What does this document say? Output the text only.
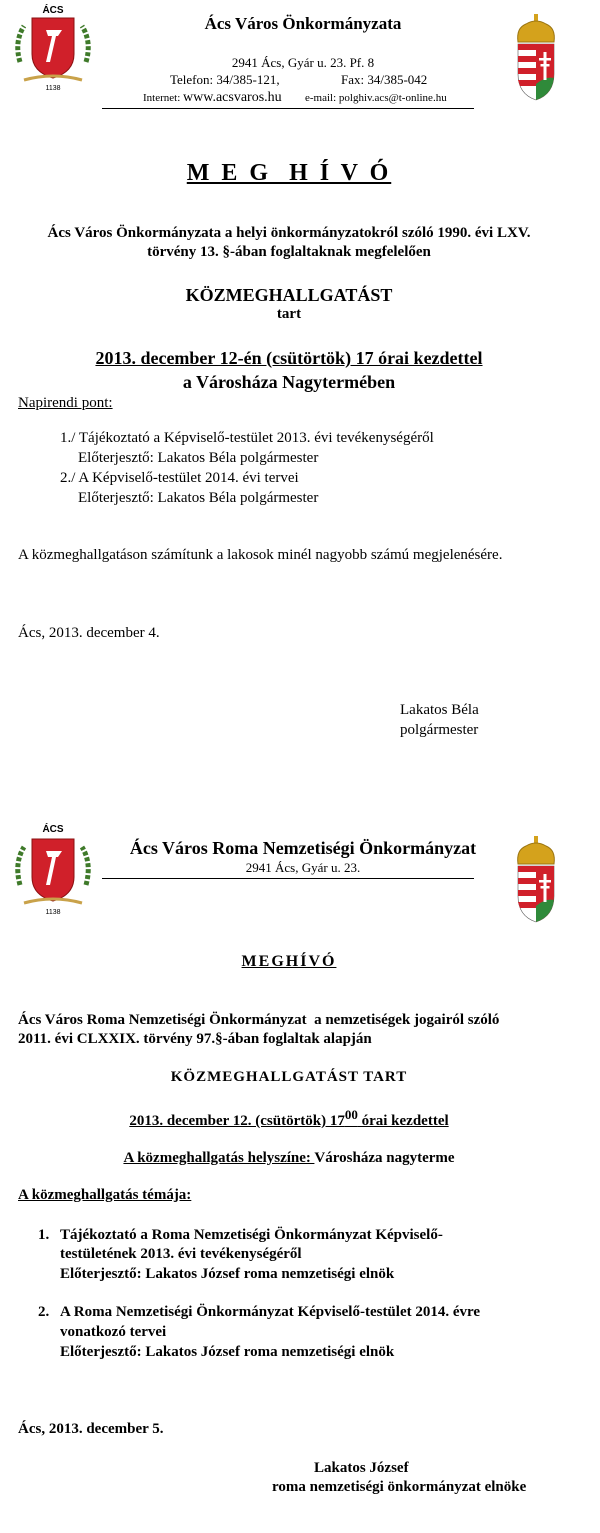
ÁCS
1138
Ács Város Önkormányzata
2941 Ács, Gyár u. 23. Pf. 8
Telefon: 34/385-121,	Fax: 34/385-042
Internet: www.acsvaros.hu e-mail: polghiv.acs@t-online.hu
M E G  H Í V Ó
Ács Város Önkormányzata a helyi önkormányzatokról szóló 1990. évi LXV.
törvény 13. §-ában foglaltaknak megfelelően
KÖZMEGHALLGATÁST
tart
2013. december 12-én (csütörtök) 17 órai kezdettel
a Városháza Nagytermében
Napirendi pont:
1./ Tájékoztató a Képviselő-testület 2013. évi tevékenységéről
Előterjesztő: Lakatos Béla polgármester
2./ A Képviselő-testület 2014. évi tervei
Előterjesztő: Lakatos Béla polgármester
A közmeghallgatáson számítunk a lakosok minél nagyobb számú megjelenésére.
Ács, 2013. december 4.
Lakatos Béla
polgármester
ÁCS
1138
Ács Város Roma Nemzetiségi Önkormányzat
2941 Ács, Gyár u. 23.
MEGHÍVÓ
Ács Város Roma Nemzetiségi Önkormányzat  a nemzetiségek jogairól szóló
2011. évi CLXXIX. törvény 97.§-ában foglaltak alapján
KÖZMEGHALLGATÁST TART
2013. december 12. (csütörtök) $17^{00}$ órai kezdettel
A közmeghallgatás helyszíne: Városháza nagyterme
A közmeghallgatás témája:
1. Tájékoztató a Roma Nemzetiségi Önkormányzat Képviselő-
testületének 2013. évi tevékenységéről
Előterjesztő: Lakatos József roma nemzetiségi elnök
2. A Roma Nemzetiségi Önkormányzat Képviselő-testület 2014. évre
vonatkozó tervei
Előterjesztő: Lakatos József roma nemzetiségi elnök
Ács, 2013. december 5.
Lakatos József
roma nemzetiségi önkormányzat elnöke
